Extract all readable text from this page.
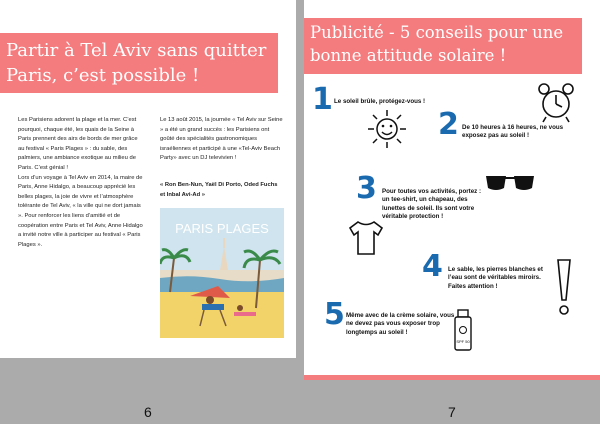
Partir à Tel Aviv sans quitter Paris, c’est possible !

Les Parisiens adorent la plage et la mer. C’est pourquoi, chaque été, les quais de la Seine à Paris prennent des airs de bords de mer grâce au festival « Paris Plages » : du sable, des palmiers, une ambiance exotique au milieu de Paris. C’est génial !

Lors d’un voyage à Tel Aviv en 2014, la maire de Paris, Anne Hidalgo, a beaucoup apprécié les belles plages, la joie de vivre et l’atmosphère tolérante de Tel Aviv, « la ville qui ne dort jamais ». Pour renforcer les liens d’amitié et de coopération entre Paris et Tel Aviv, Anne Hidalgo a invité notre ville à participer au festival « Paris Plages ».

Le 13 août 2015, la journée « Tel Aviv sur Seine » a été un grand succès : les Parisiens ont goûté des spécialités gastronomiques israéliennes et participé à une «Tel-Aviv Beach Party» avec un DJ televivien !

« Ron Ben-Nun, Yaël Di Porto, Oded Fuchs et Inbal Avi-Ad »
PARIS PLAGES
6
Publicité - 5 conseils pour une bonne attitude solaire !
1 Le soleil brûle, protégez-vous !
2 De 10 heures à 16 heures, ne vous exposez pas au soleil !
3 Pour toutes vos activités, portez : un tee-shirt, un chapeau, des lunettes de soleil. Ils sont votre véritable protection !
4 Le sable, les pierres blanches et l’eau sont de véritables miroirs. Faites attention !
5 Même avec de la crème solaire, vous ne devez pas vous exposer trop longtemps au soleil !
SPF 50
7
